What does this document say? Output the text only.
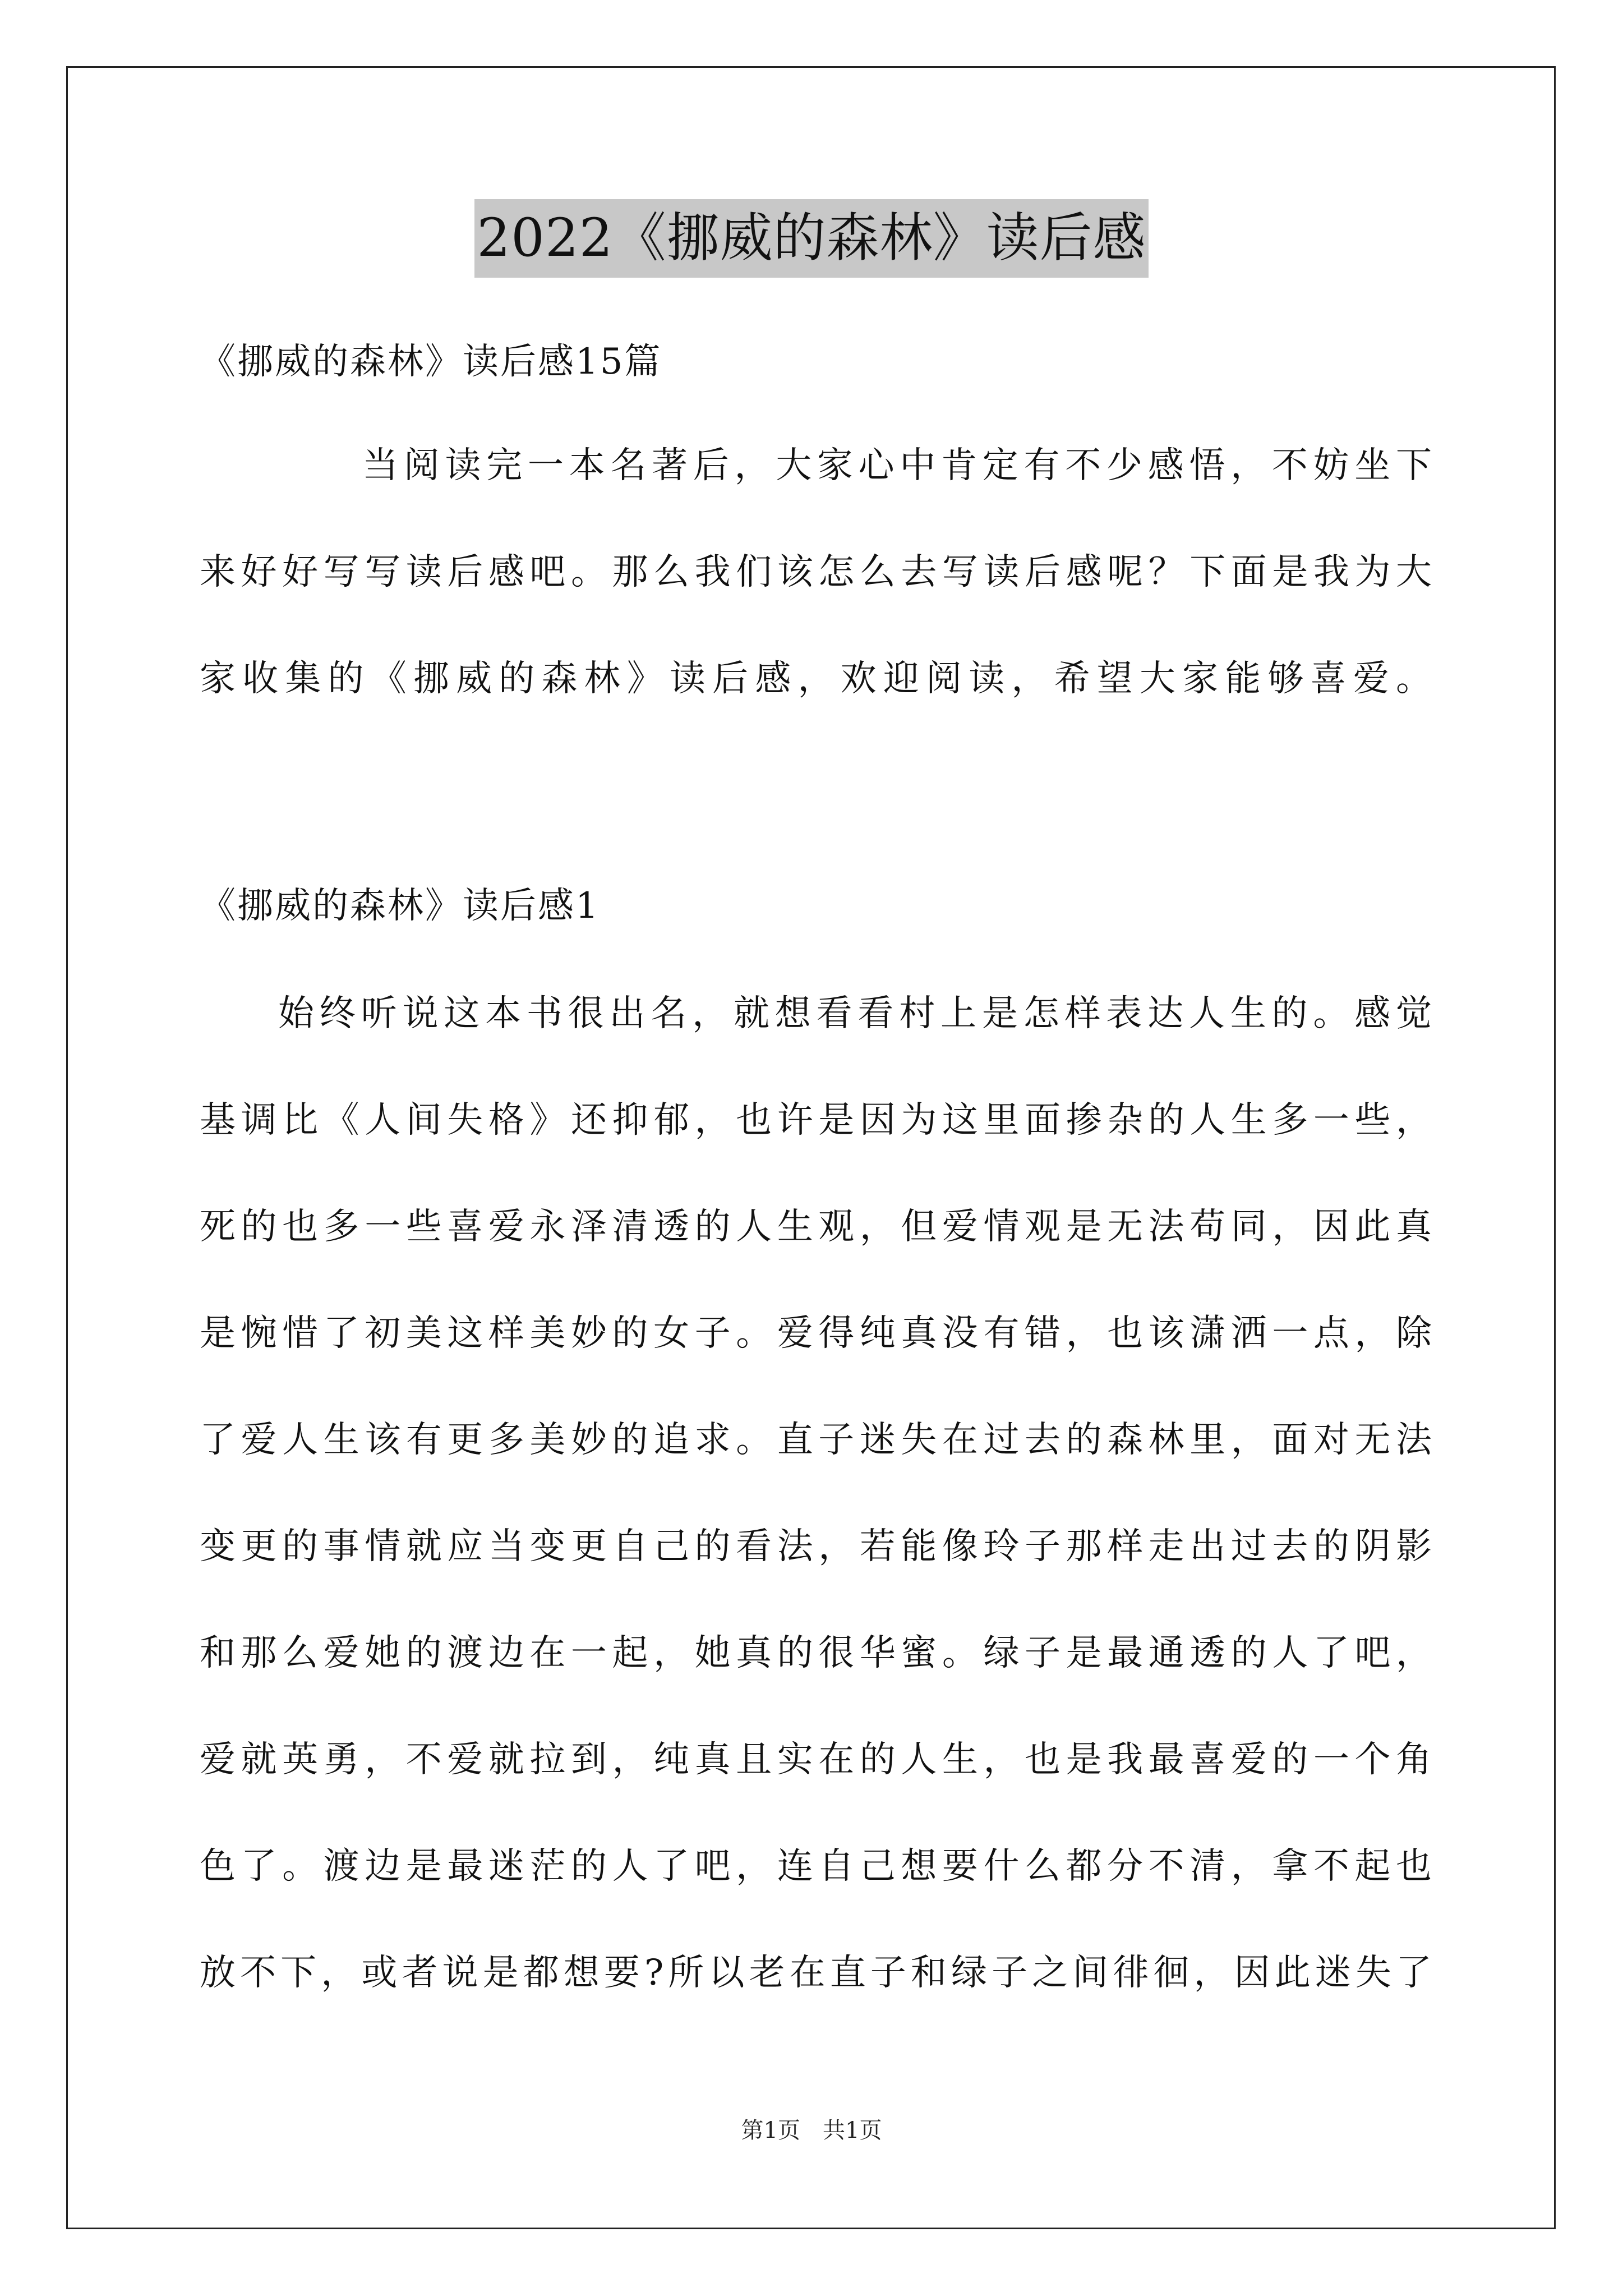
2022《挪威的森林》读后感
《挪威的森林》读后感15篇
当阅读完一本名著后，大家心中肯定有不少感悟，不妨坐下
来好好写写读后感吧。那么我们该怎么去写读后感呢？下面是我为大
家收集的《挪威的森林》读后感，欢迎阅读，希望大家能够喜爱。
《挪威的森林》读后感1
始终听说这本书很出名，就想看看村上是怎样表达人生的。感觉
基调比《人间失格》还抑郁，也许是因为这里面掺杂的人生多一些，
死的也多一些喜爱永泽清透的人生观，但爱情观是无法苟同，因此真
是惋惜了初美这样美妙的女子。爱得纯真没有错，也该潇洒一点，除
了爱人生该有更多美妙的追求。直子迷失在过去的森林里，面对无法
变更的事情就应当变更自己的看法，若能像玲子那样走出过去的阴影
和那么爱她的渡边在一起，她真的很华蜜。绿子是最通透的人了吧，
爱就英勇，不爱就拉到，纯真且实在的人生，也是我最喜爱的一个角
色了。渡边是最迷茫的人了吧，连自己想要什么都分不清，拿不起也
放不下，或者说是都想要?所以老在直子和绿子之间徘徊，因此迷失了
第1页　共1页
